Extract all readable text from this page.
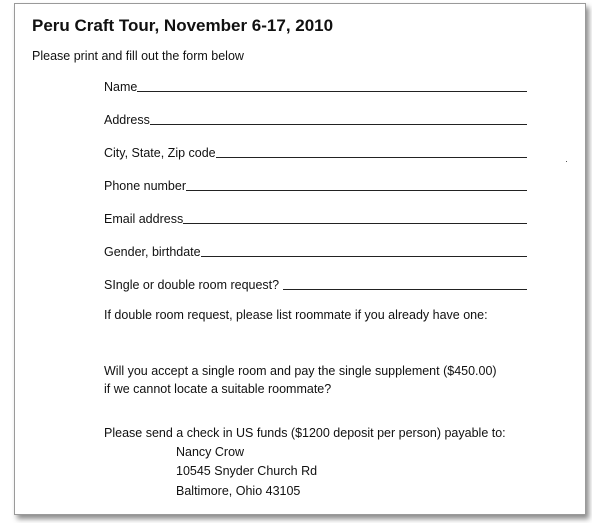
Peru Craft Tour, November 6-17, 2010
Please print and fill out the form below
Name
Address
City, State, Zip code
Phone number
Email address
Gender, birthdate
SIngle or double room request?
If double room request, please list roommate if you already have one:
Will you accept a single room and pay the single supplement ($450.00)
if we cannot locate a suitable roommate?
Please send a check in US funds ($1200 deposit per person) payable to:
Nancy Crow
10545 Snyder Church Rd
Baltimore, Ohio 43105
